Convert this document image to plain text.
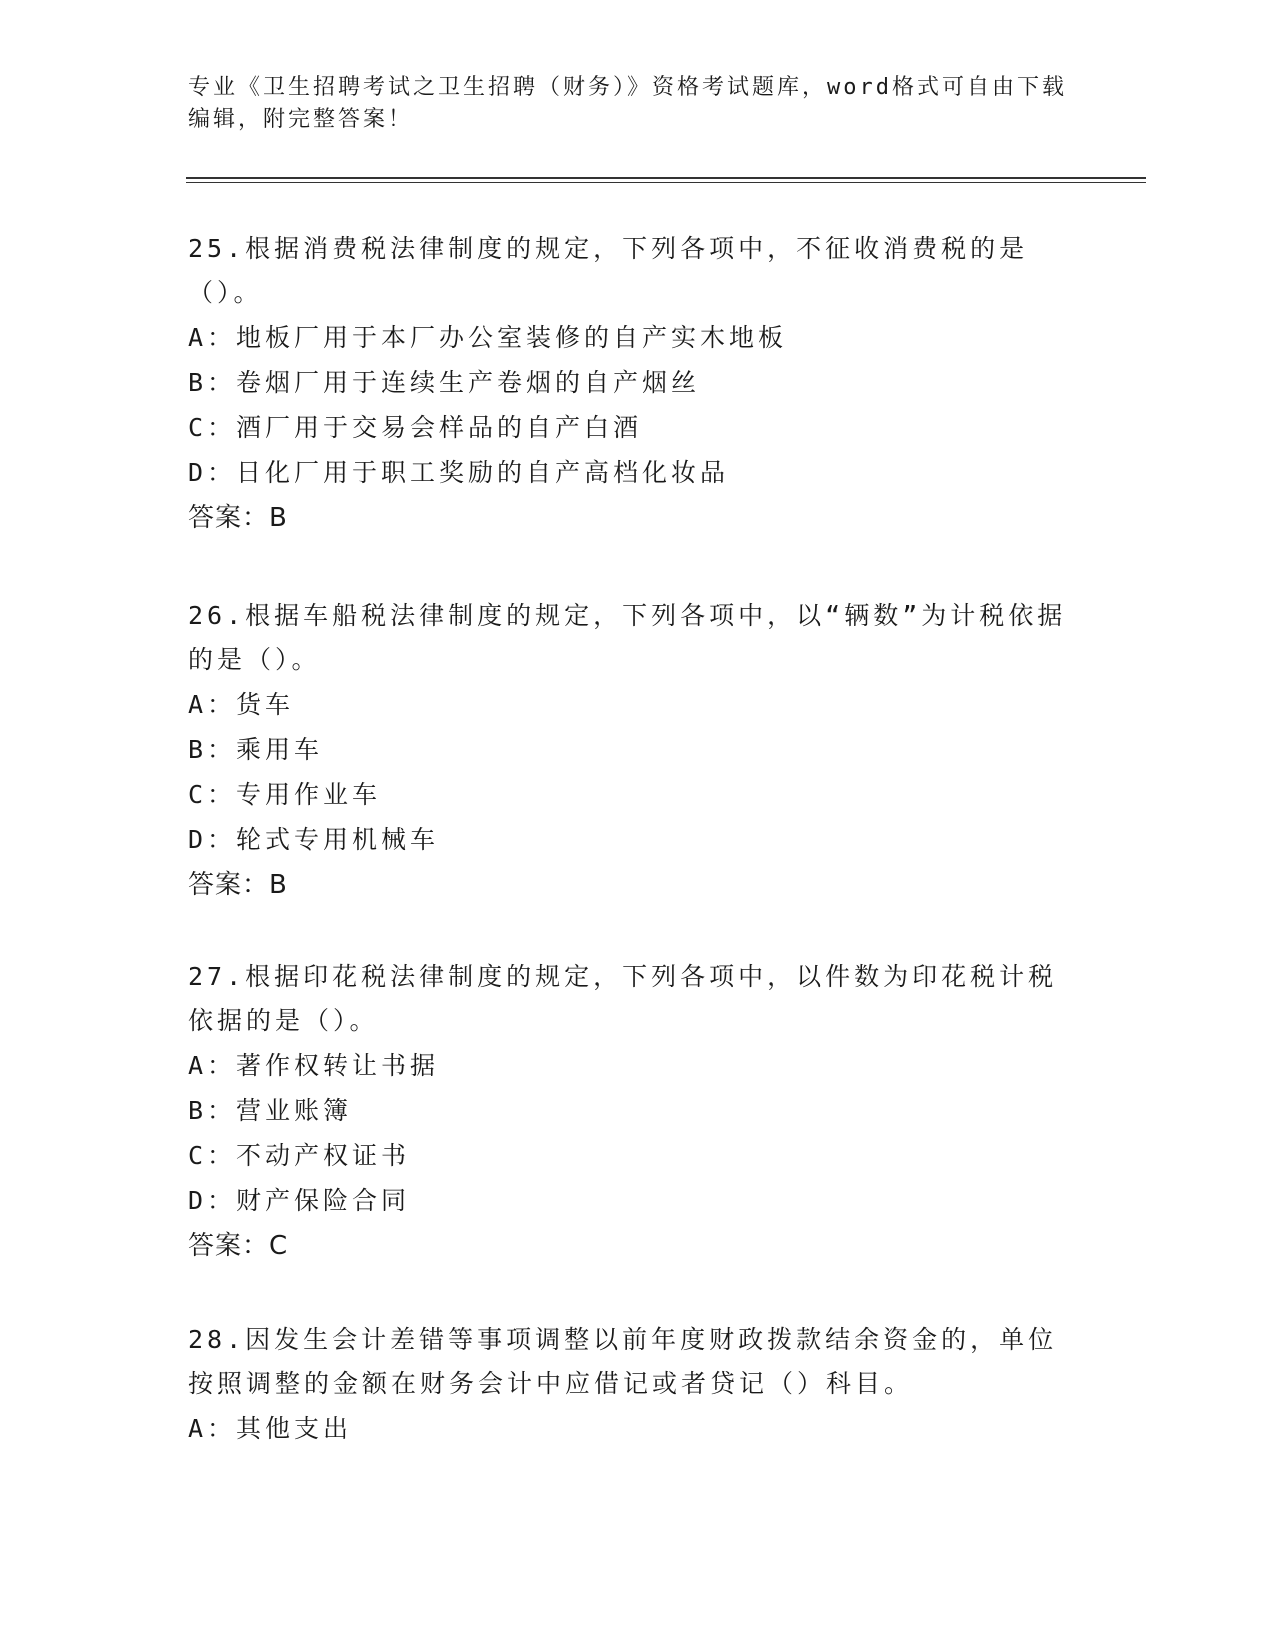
专业《卫生招聘考试之卫生招聘（财务）》资格考试题库，word格式可自由下载编辑，附完整答案！
25.根据消费税法律制度的规定，下列各项中，不征收消费税的是（）。
A：地板厂用于本厂办公室装修的自产实木地板
B：卷烟厂用于连续生产卷烟的自产烟丝
C：酒厂用于交易会样品的自产白酒
D：日化厂用于职工奖励的自产高档化妆品
答案：B
26.根据车船税法律制度的规定，下列各项中，以“辆数”为计税依据的是（）。
A：货车
B：乘用车
C：专用作业车
D：轮式专用机械车
答案：B
27.根据印花税法律制度的规定，下列各项中，以件数为印花税计税依据的是（）。
A：著作权转让书据
B：营业账簿
C：不动产权证书
D：财产保险合同
答案：C
28.因发生会计差错等事项调整以前年度财政拨款结余资金的，单位按照调整的金额在财务会计中应借记或者贷记（）科目。
A：其他支出
